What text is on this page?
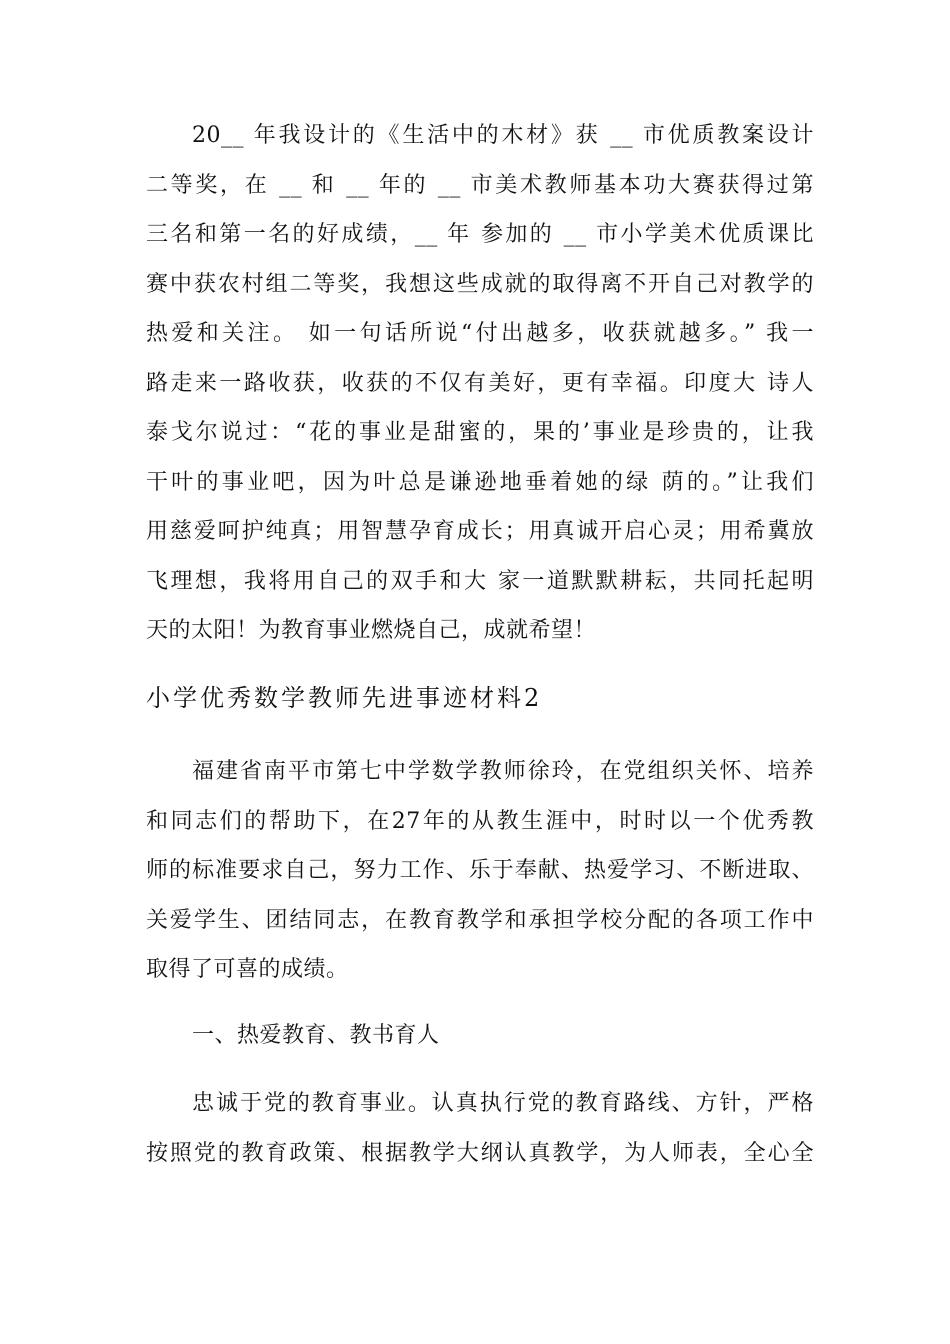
20__ 年我设计的《生活中的木材》获 __ 市优质教案设计
二等奖，在 __ 和 __ 年的 __ 市美术教师基本功大赛获得过第
三名和第一名的好成绩，__ 年 参加的 __ 市小学美术优质课比
赛中获农村组二等奖，我想这些成就的取得离不开自己对教学的
热爱和关注。 如一句话所说“付出越多，收获就越多。” 我一
路走来一路收获，收获的不仅有美好，更有幸福。印度大 诗人
泰戈尔说过：“花的事业是甜蜜的，果的’事业是珍贵的，让我
干叶的事业吧，因为叶总是谦逊地垂着她的绿 荫的。”让我们
用慈爱呵护纯真；用智慧孕育成长；用真诚开启心灵；用希冀放
飞理想，我将用自己的双手和大 家一道默默耕耘，共同托起明
天的太阳！为教育事业燃烧自己，成就希望！
小学优秀数学教师先进事迹材料2
福建省南平市第七中学数学教师徐玲，在党组织关怀、培养
和同志们的帮助下，在27年的从教生涯中，时时以一个优秀教
师的标准要求自己，努力工作、乐于奉献、热爱学习、不断进取、
关爱学生、团结同志，在教育教学和承担学校分配的各项工作中
取得了可喜的成绩。
一、热爱教育、教书育人
忠诚于党的教育事业。认真执行党的教育路线、方针，严格
按照党的教育政策、根据教学大纲认真教学，为人师表，全心全
